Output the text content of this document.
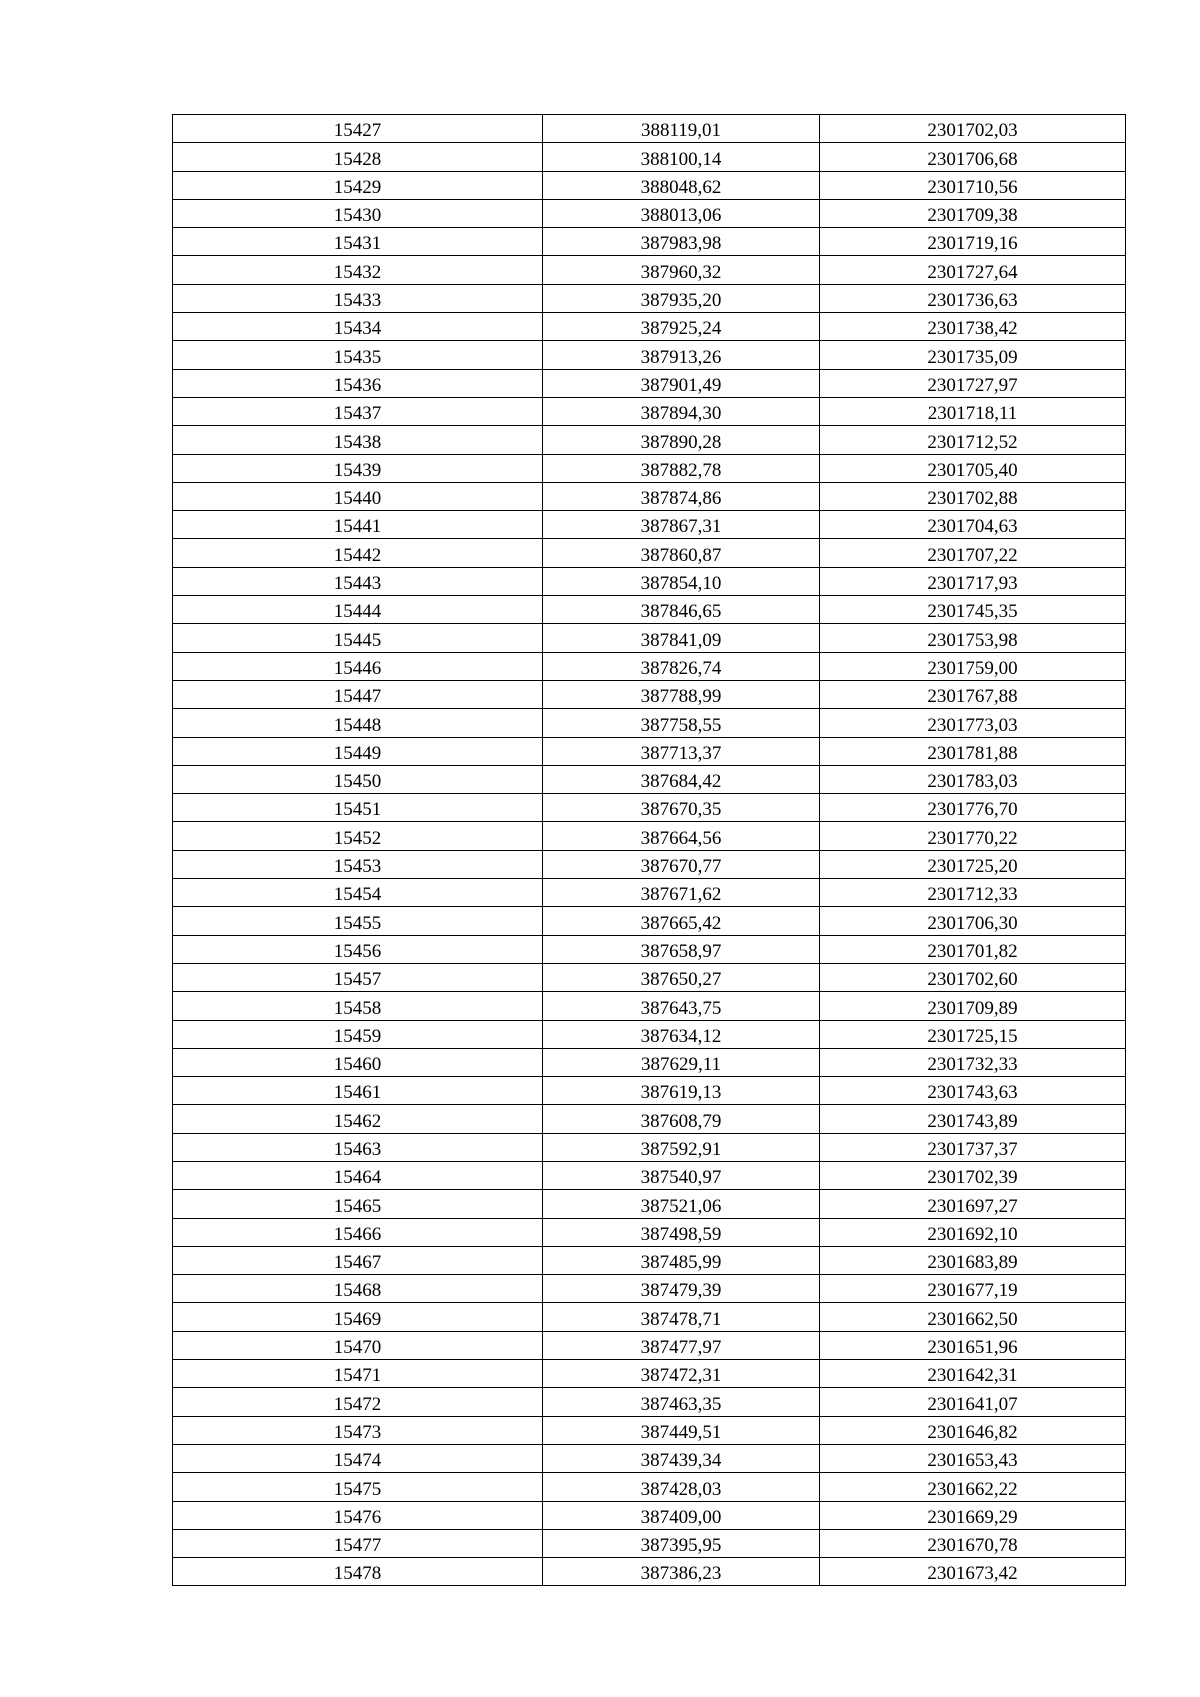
15427	388119,01	2301702,03
15428	388100,14	2301706,68
15429	388048,62	2301710,56
15430	388013,06	2301709,38
15431	387983,98	2301719,16
15432	387960,32	2301727,64
15433	387935,20	2301736,63
15434	387925,24	2301738,42
15435	387913,26	2301735,09
15436	387901,49	2301727,97
15437	387894,30	2301718,11
15438	387890,28	2301712,52
15439	387882,78	2301705,40
15440	387874,86	2301702,88
15441	387867,31	2301704,63
15442	387860,87	2301707,22
15443	387854,10	2301717,93
15444	387846,65	2301745,35
15445	387841,09	2301753,98
15446	387826,74	2301759,00
15447	387788,99	2301767,88
15448	387758,55	2301773,03
15449	387713,37	2301781,88
15450	387684,42	2301783,03
15451	387670,35	2301776,70
15452	387664,56	2301770,22
15453	387670,77	2301725,20
15454	387671,62	2301712,33
15455	387665,42	2301706,30
15456	387658,97	2301701,82
15457	387650,27	2301702,60
15458	387643,75	2301709,89
15459	387634,12	2301725,15
15460	387629,11	2301732,33
15461	387619,13	2301743,63
15462	387608,79	2301743,89
15463	387592,91	2301737,37
15464	387540,97	2301702,39
15465	387521,06	2301697,27
15466	387498,59	2301692,10
15467	387485,99	2301683,89
15468	387479,39	2301677,19
15469	387478,71	2301662,50
15470	387477,97	2301651,96
15471	387472,31	2301642,31
15472	387463,35	2301641,07
15473	387449,51	2301646,82
15474	387439,34	2301653,43
15475	387428,03	2301662,22
15476	387409,00	2301669,29
15477	387395,95	2301670,78
15478	387386,23	2301673,42
